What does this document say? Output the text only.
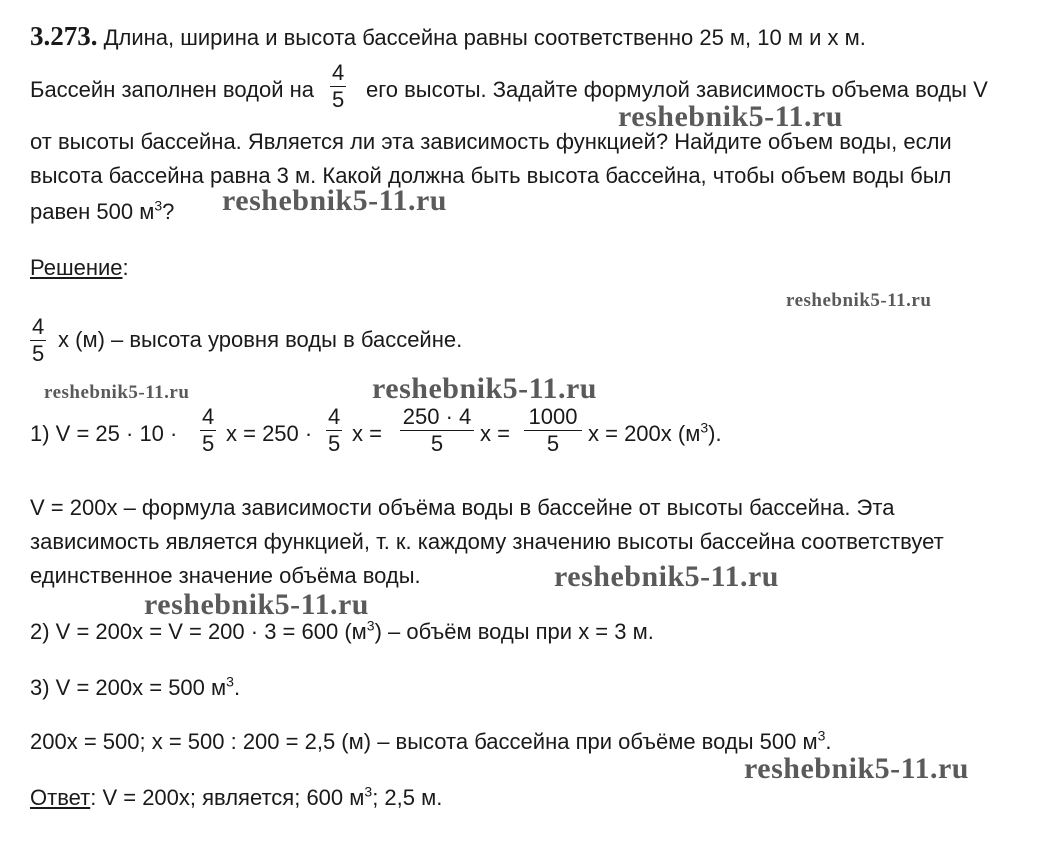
3.273. Длина, ширина и высота бассейна равны соответственно 25 м, 10 м и х м.
Бассейн заполнен водой на $\frac{4}{5}$ его высоты. Задайте формулой зависимость объема воды V
от высоты бассейна. Является ли эта зависимость функцией? Найдите объем воды, если
высота бассейна равна 3 м. Какой должна быть высота бассейна, чтобы объем воды был
равен 500 $м^3$?
Решение:
$\frac{4}{5}$ х (м) – высота уровня воды в бассейне.
1) $V = 25 \cdot 10 \cdot \frac{4}{5}$ $х = 250 \cdot \frac{4}{5}$ $х = \frac{250 \cdot 4}{5}$ $х = \frac{1000}{5}$ х = 200х $(м^3)$.
V = 200х – формула зависимости объёма воды в бассейне от высоты бассейна. Эта
зависимость является функцией, т. к. каждому значению высоты бассейна соответствует
единственное значение объёма воды.
2) V = 200х = V = 200 · 3 = 600 $(м^3)$ – объём воды при х = 3 м.
3) V = 200х = 500 $м^3$.
200х = 500; х = 500 : 200 = 2,5 (м) – высота бассейна при объёме воды 500 $м^3$.
Ответ: V = 200х; является; 600 $м^3$; 2,5 м.
reshebnik5-11.ru
reshebnik5-11.ru
reshebnik5-11.ru
reshebnik5-11.ru	reshebnik5-11.ru
reshebnik5-11.ru
reshebnik5-11.ru
reshebnik5-11.ru
